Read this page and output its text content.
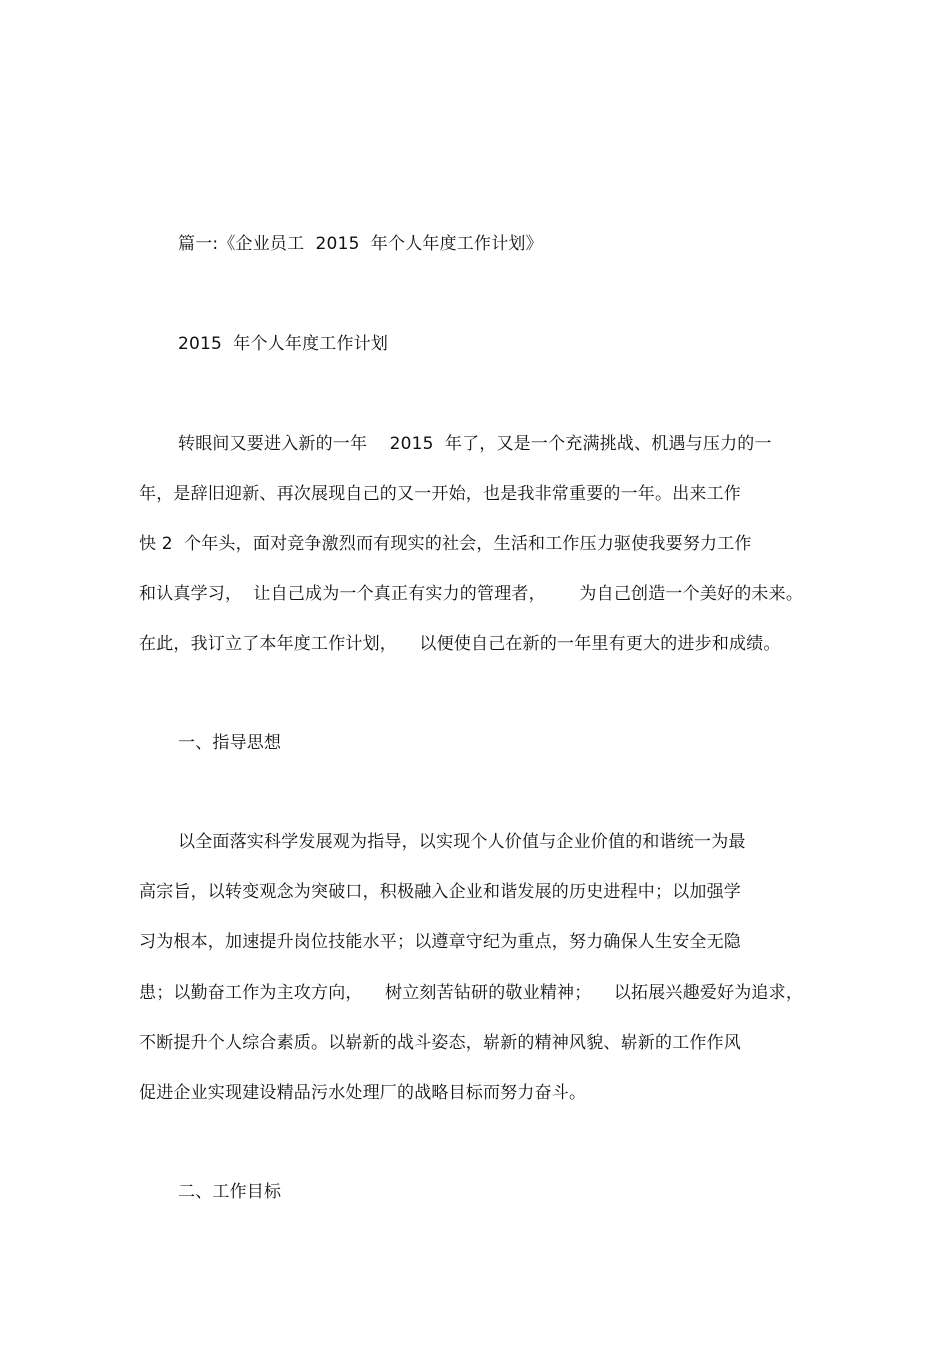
篇一:《企业员工  2015  年个人年度工作计划》
2015  年个人年度工作计划
转眼间又要进入新的一年    2015  年了，又是一个充满挑战、机遇与压力的一
年，是辞旧迎新、再次展现自己的又一开始，也是我非常重要的一年。出来工作
快 2  个年头，面对竞争激烈而有现实的社会，生活和工作压力驱使我要努力工作
和认真学习，  让自己成为一个真正有实力的管理者，      为自己创造一个美好的未来。
在此，我订立了本年度工作计划，    以便使自己在新的一年里有更大的进步和成绩。
一、指导思想
以全面落实科学发展观为指导，以实现个人价值与企业价值的和谐统一为最
高宗旨，以转变观念为突破口，积极融入企业和谐发展的历史进程中；以加强学
习为根本，加速提升岗位技能水平；以遵章守纪为重点，努力确保人生安全无隐
患；以勤奋工作为主攻方向，    树立刻苦钻研的敬业精神；    以拓展兴趣爱好为追求，
不断提升个人综合素质。以崭新的战斗姿态，崭新的精神风貌、崭新的工作作风
促进企业实现建设精品污水处理厂的战略目标而努力奋斗。
二、工作目标
